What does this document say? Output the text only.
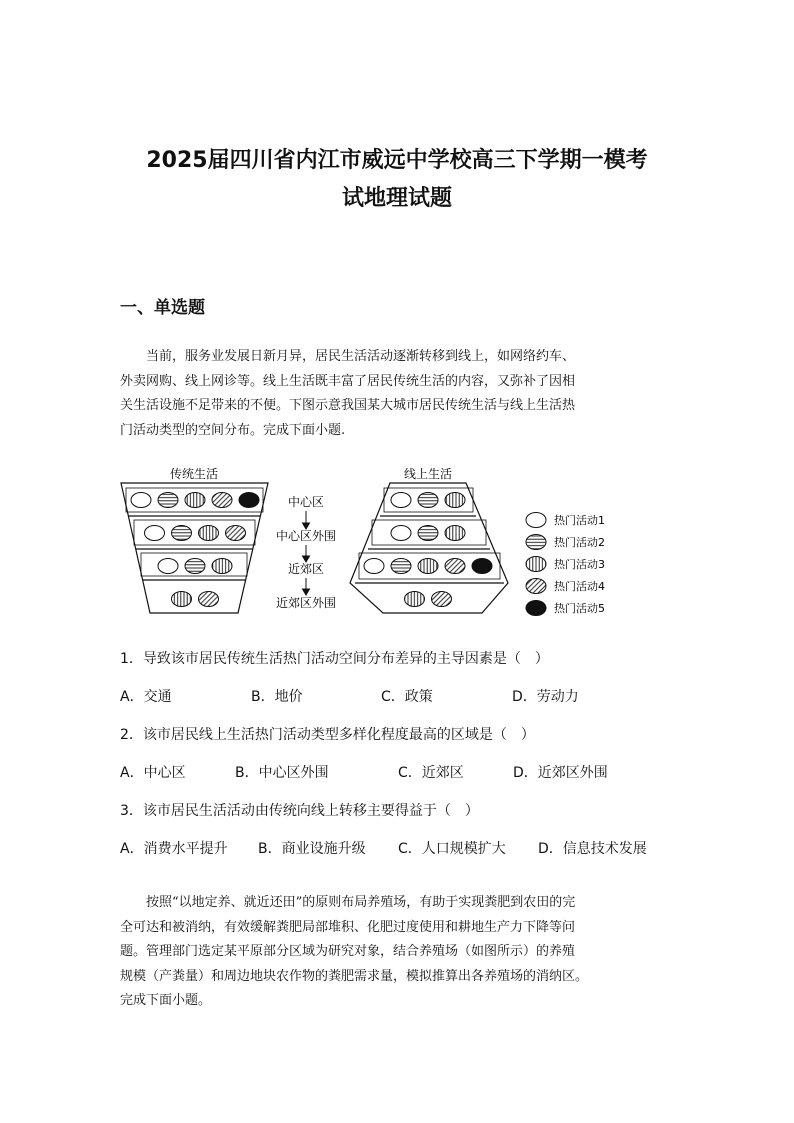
2025届四川省内江市威远中学校高三下学期一模考
试地理试题
一、单选题
当前，服务业发展日新月异，居民生活活动逐渐转移到线上，如网络约车、
外卖网购、线上网诊等。线上生活既丰富了居民传统生活的内容，又弥补了因相
关生活设施不足带来的不便。下图示意我国某大城市居民传统生活与线上生活热
门活动类型的空间分布。完成下面小题.
传统生活	线上生活
中心区
中心区外围
近郊区
近郊区外围
热门活动1
热门活动2
热门活动3
热门活动4
热门活动5
1．导致该市居民传统生活热门活动空间分布差异的主导因素是（　）
A．交通	B．地价	C．政策	D．劳动力
2．该市居民线上生活热门活动类型多样化程度最高的区域是（　）
A．中心区	B．中心区外围	C．近郊区	D．近郊区外围
3．该市居民生活活动由传统向线上转移主要得益于（　）
A．消费水平提升 B．商业设施升级 C．人口规模扩大 D．信息技术发展
按照“以地定养、就近还田”的原则布局养殖场，有助于实现粪肥到农田的完
全可达和被消纳，有效缓解粪肥局部堆积、化肥过度使用和耕地生产力下降等问
题。管理部门选定某平原部分区域为研究对象，结合养殖场（如图所示）的养殖
规模（产粪量）和周边地块农作物的粪肥需求量，模拟推算出各养殖场的消纳区。
完成下面小题。
